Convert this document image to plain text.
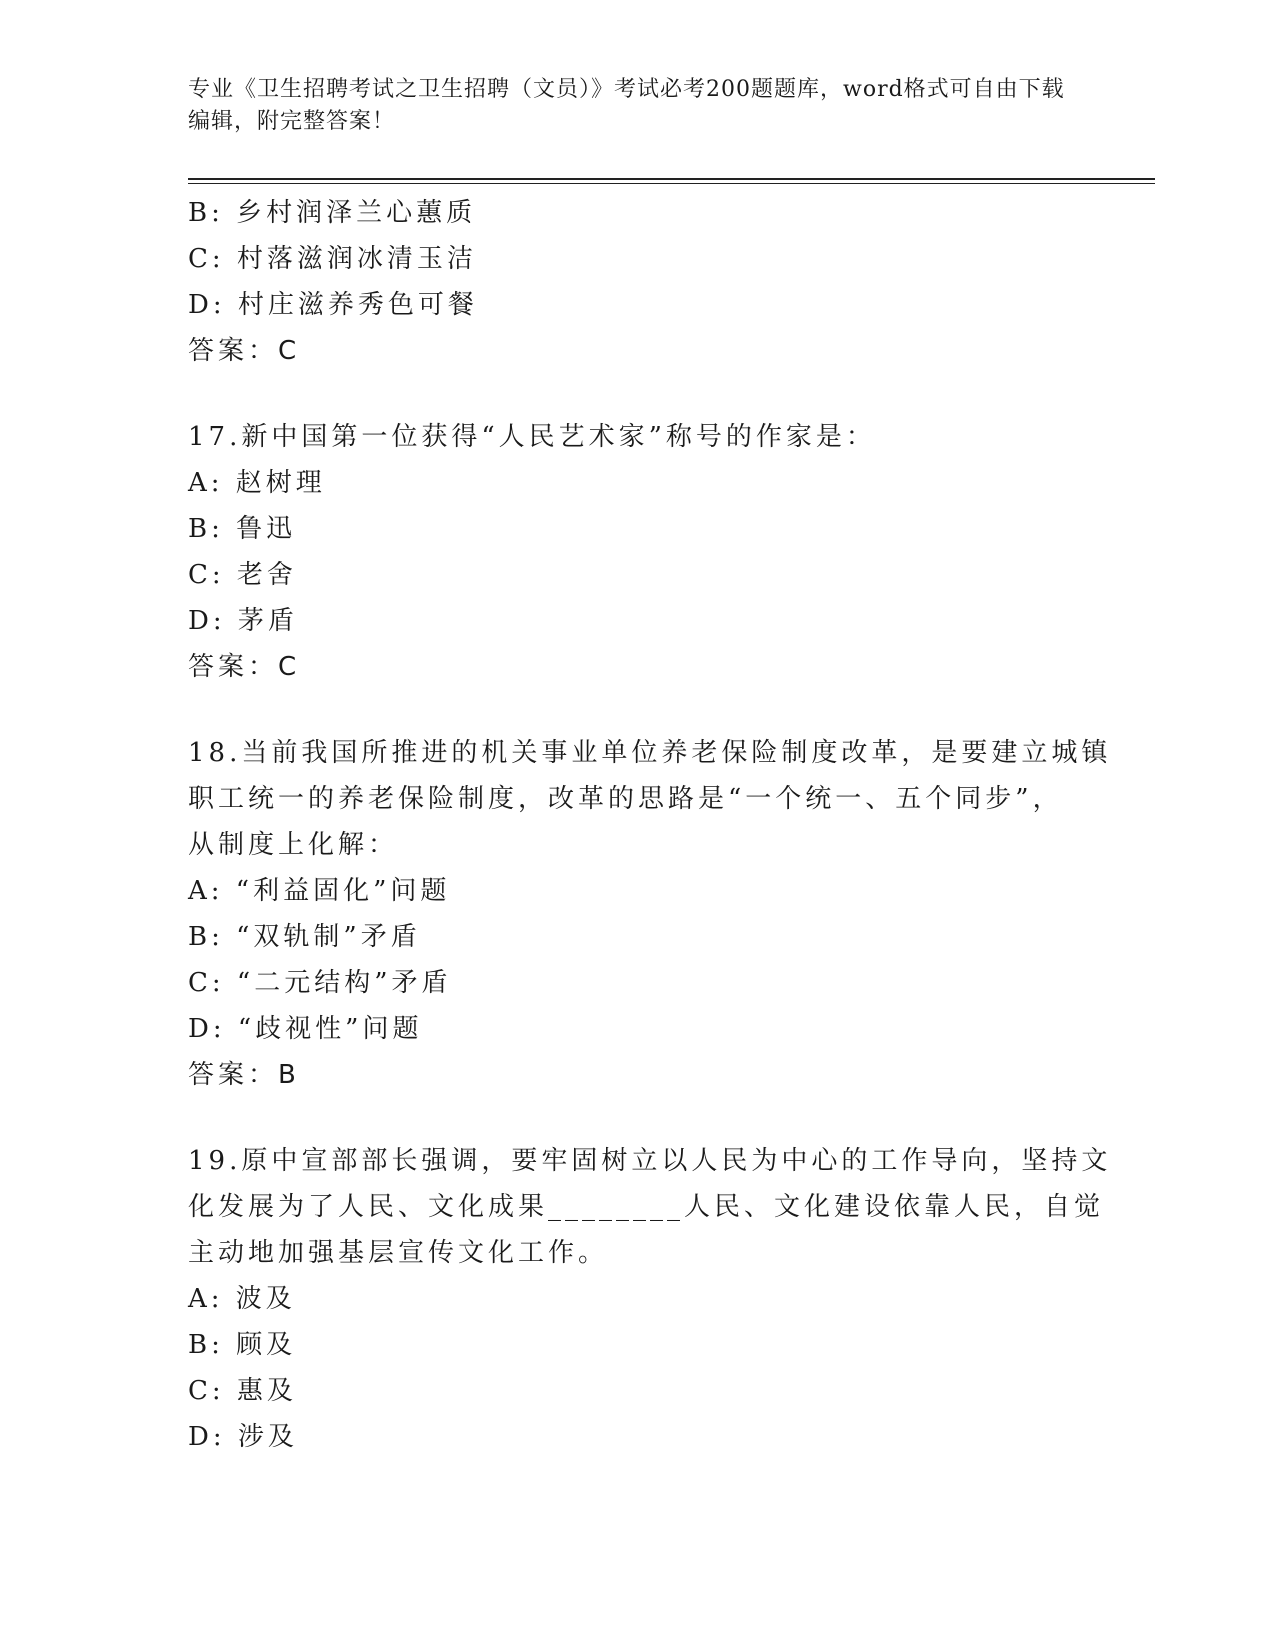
专业《卫生招聘考试之卫生招聘（文员）》考试必考200题题库，word格式可自由下载编辑，附完整答案！
B: 乡村润泽兰心蕙质
C: 村落滋润冰清玉洁
D: 村庄滋养秀色可餐
答案：C
17.新中国第一位获得“人民艺术家”称号的作家是：
A: 赵树理
B: 鲁迅
C: 老舍
D: 茅盾
答案：C
18.当前我国所推进的机关事业单位养老保险制度改革，是要建立城镇
职工统一的养老保险制度，改革的思路是“一个统一、五个同步”，
从制度上化解：
A: “利益固化”问题
B: “双轨制”矛盾
C: “二元结构”矛盾
D: “歧视性”问题
答案：B
19.原中宣部部长强调，要牢固树立以人民为中心的工作导向，坚持文
化发展为了人民、文化成果________人民、文化建设依靠人民，自觉
主动地加强基层宣传文化工作。
A: 波及
B: 顾及
C: 惠及
D: 涉及
